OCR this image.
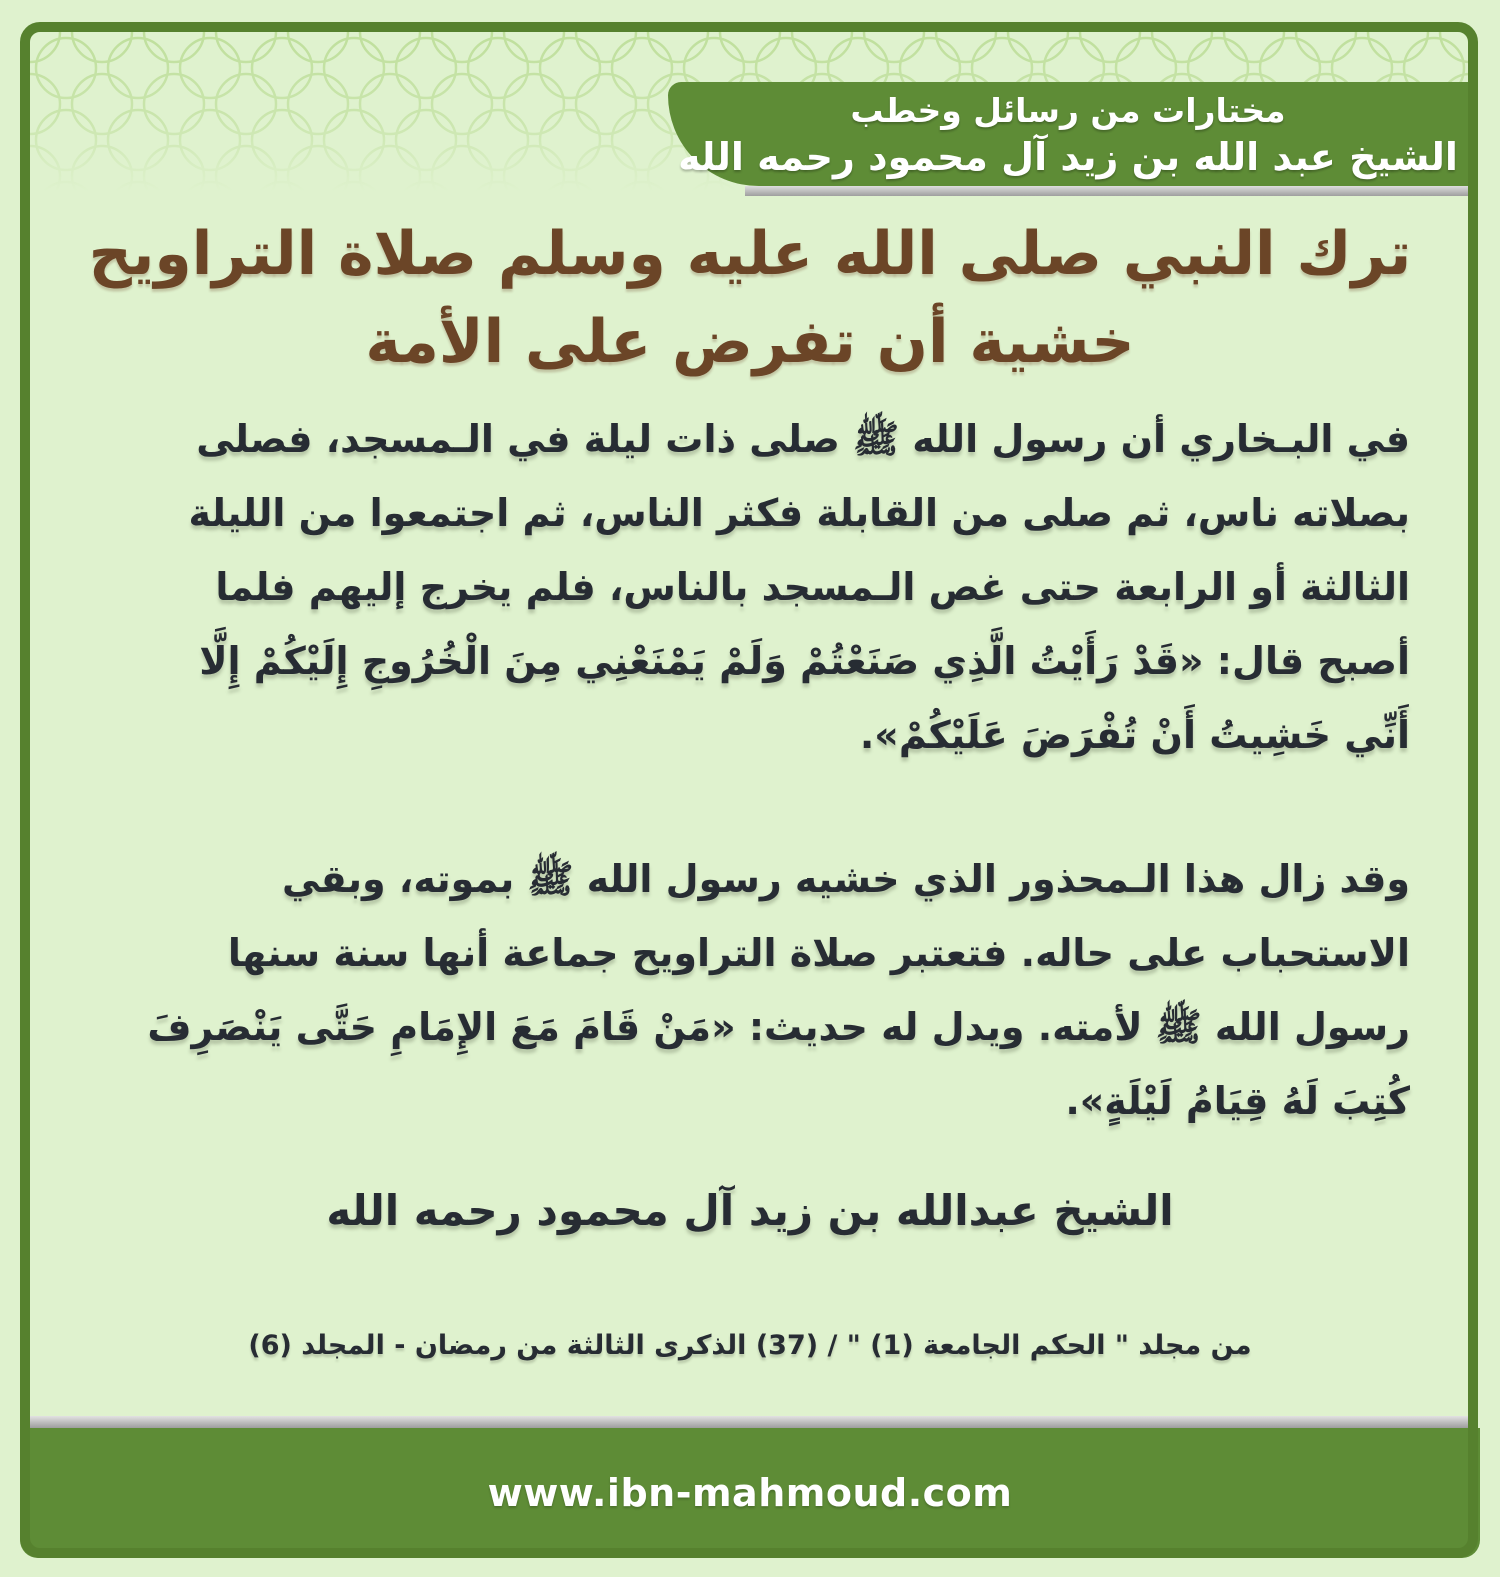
مختارات من رسائل وخطب
الشيخ عبد الله بن زيد آل محمود رحمه الله
ترك النبي صلى الله عليه وسلم صلاة التراويح
خشية أن تفرض على الأمة
في البـخاري أن رسول الله ﷺ صلى ذات ليلة في الـمسجد، فصلى
بصلاته ناس، ثم صلى من القابلة فكثر الناس، ثم اجتمعوا من الليلة
الثالثة أو الرابعة حتى غص الـمسجد بالناس، فلم يخرج إليهم فلما
أصبح قال: «قَدْ رَأَيْتُ الَّذِي صَنَعْتُمْ وَلَمْ يَمْنَعْنِي مِنَ الْخُرُوجِ إِلَيْكُمْ إِلَّا
أَنِّي خَشِيتُ أَنْ تُفْرَضَ عَلَيْكُمْ».
وقد زال هذا الـمحذور الذي خشيه رسول الله ﷺ بموته، وبقي
الاستحباب على حاله. فتعتبر صلاة التراويح جماعة أنها سنة سنها
رسول الله ﷺ لأمته. ويدل له حديث: «مَنْ قَامَ مَعَ الإِمَامِ حَتَّى يَنْصَرِفَ
كُتِبَ لَهُ قِيَامُ لَيْلَةٍ».
الشيخ عبدالله بن زيد آل محمود رحمه الله
من مجلد " الحكم الجامعة (1) " / (37) الذكرى الثالثة من رمضان - المجلد (6)
www.ibn-mahmoud.com
